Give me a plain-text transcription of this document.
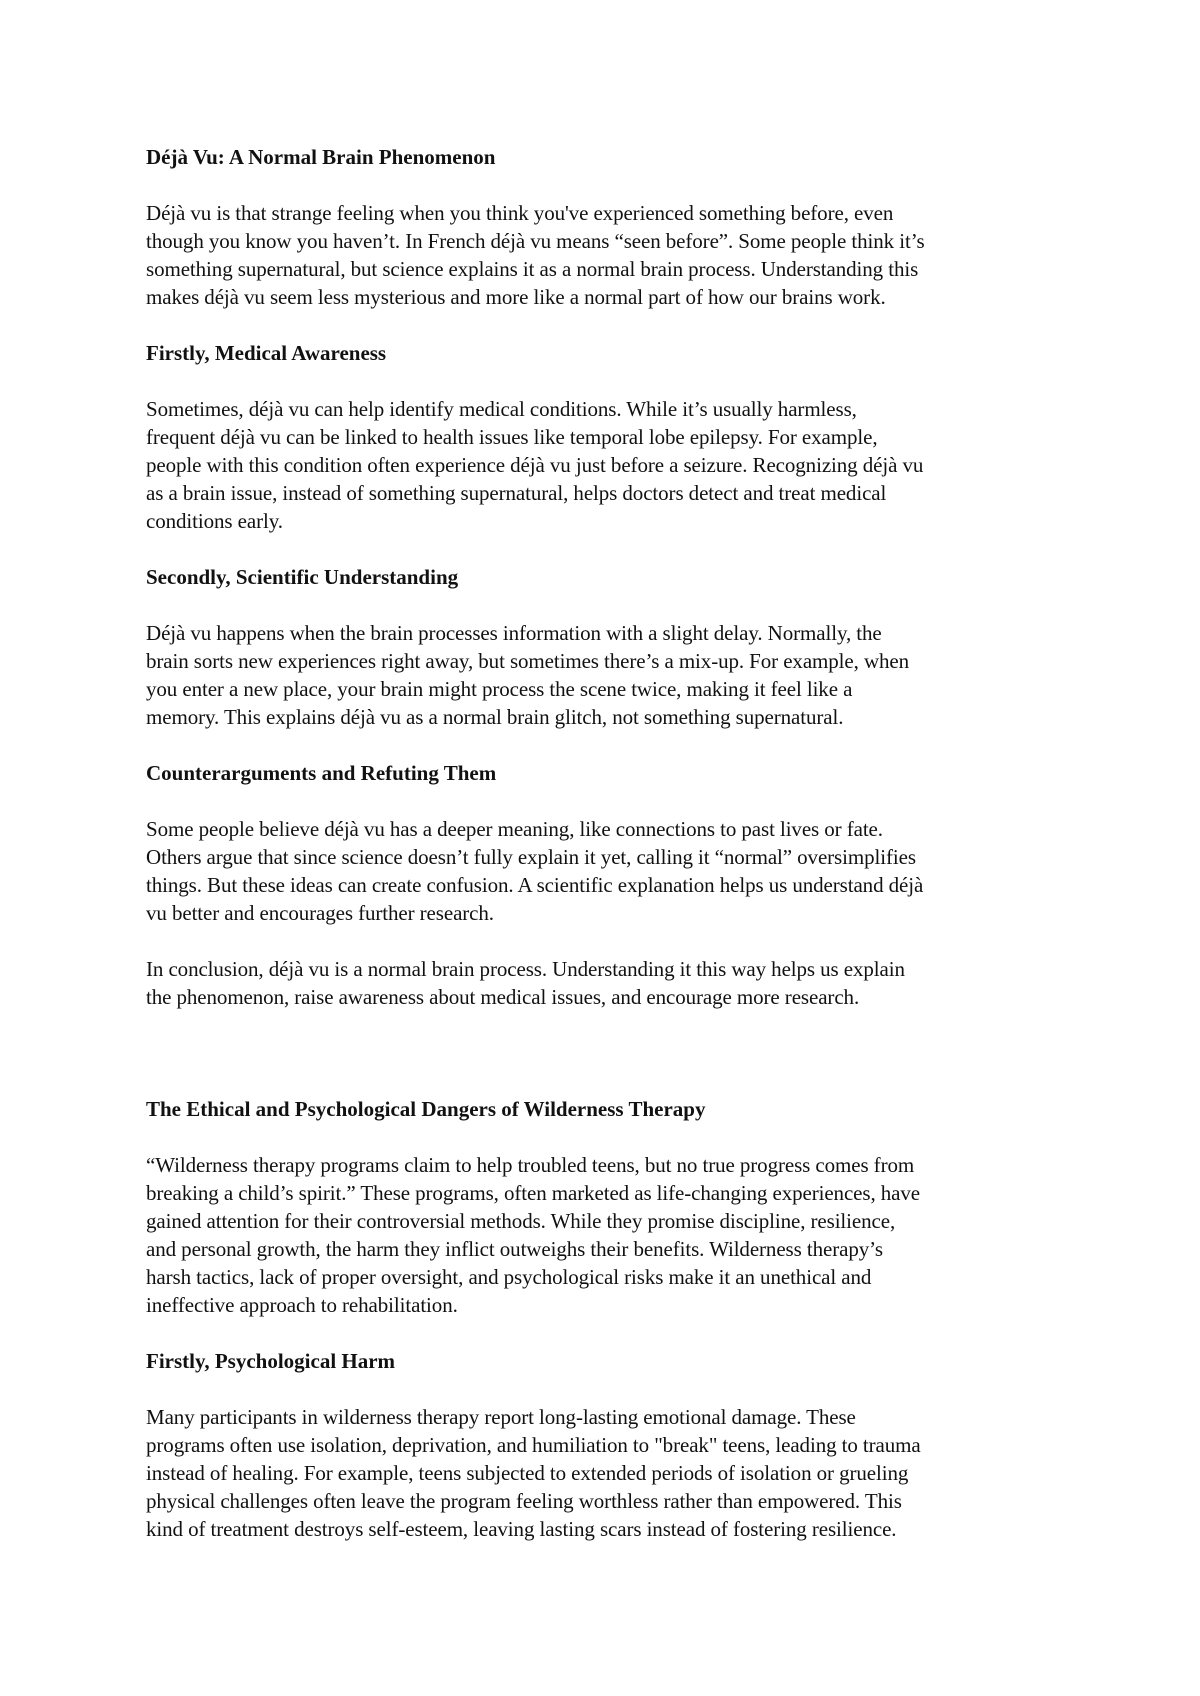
Déjà Vu: A Normal Brain Phenomenon
Déjà vu is that strange feeling when you think you've experienced something before, even
though you know you haven’t. In French déjà vu means “seen before”. Some people think it’s
something supernatural, but science explains it as a normal brain process. Understanding this
makes déjà vu seem less mysterious and more like a normal part of how our brains work.
Firstly, Medical Awareness
Sometimes, déjà vu can help identify medical conditions. While it’s usually harmless,
frequent déjà vu can be linked to health issues like temporal lobe epilepsy. For example,
people with this condition often experience déjà vu just before a seizure. Recognizing déjà vu
as a brain issue, instead of something supernatural, helps doctors detect and treat medical
conditions early.
Secondly, Scientific Understanding
Déjà vu happens when the brain processes information with a slight delay. Normally, the
brain sorts new experiences right away, but sometimes there’s a mix-up. For example, when
you enter a new place, your brain might process the scene twice, making it feel like a
memory. This explains déjà vu as a normal brain glitch, not something supernatural.
Counterarguments and Refuting Them
Some people believe déjà vu has a deeper meaning, like connections to past lives or fate.
Others argue that since science doesn’t fully explain it yet, calling it “normal” oversimplifies
things. But these ideas can create confusion. A scientific explanation helps us understand déjà
vu better and encourages further research.
In conclusion, déjà vu is a normal brain process. Understanding it this way helps us explain
the phenomenon, raise awareness about medical issues, and encourage more research.
The Ethical and Psychological Dangers of Wilderness Therapy
“Wilderness therapy programs claim to help troubled teens, but no true progress comes from
breaking a child’s spirit.” These programs, often marketed as life-changing experiences, have
gained attention for their controversial methods. While they promise discipline, resilience,
and personal growth, the harm they inflict outweighs their benefits. Wilderness therapy’s
harsh tactics, lack of proper oversight, and psychological risks make it an unethical and
ineffective approach to rehabilitation.
Firstly, Psychological Harm
Many participants in wilderness therapy report long-lasting emotional damage. These
programs often use isolation, deprivation, and humiliation to "break" teens, leading to trauma
instead of healing. For example, teens subjected to extended periods of isolation or grueling
physical challenges often leave the program feeling worthless rather than empowered. This
kind of treatment destroys self-esteem, leaving lasting scars instead of fostering resilience.
